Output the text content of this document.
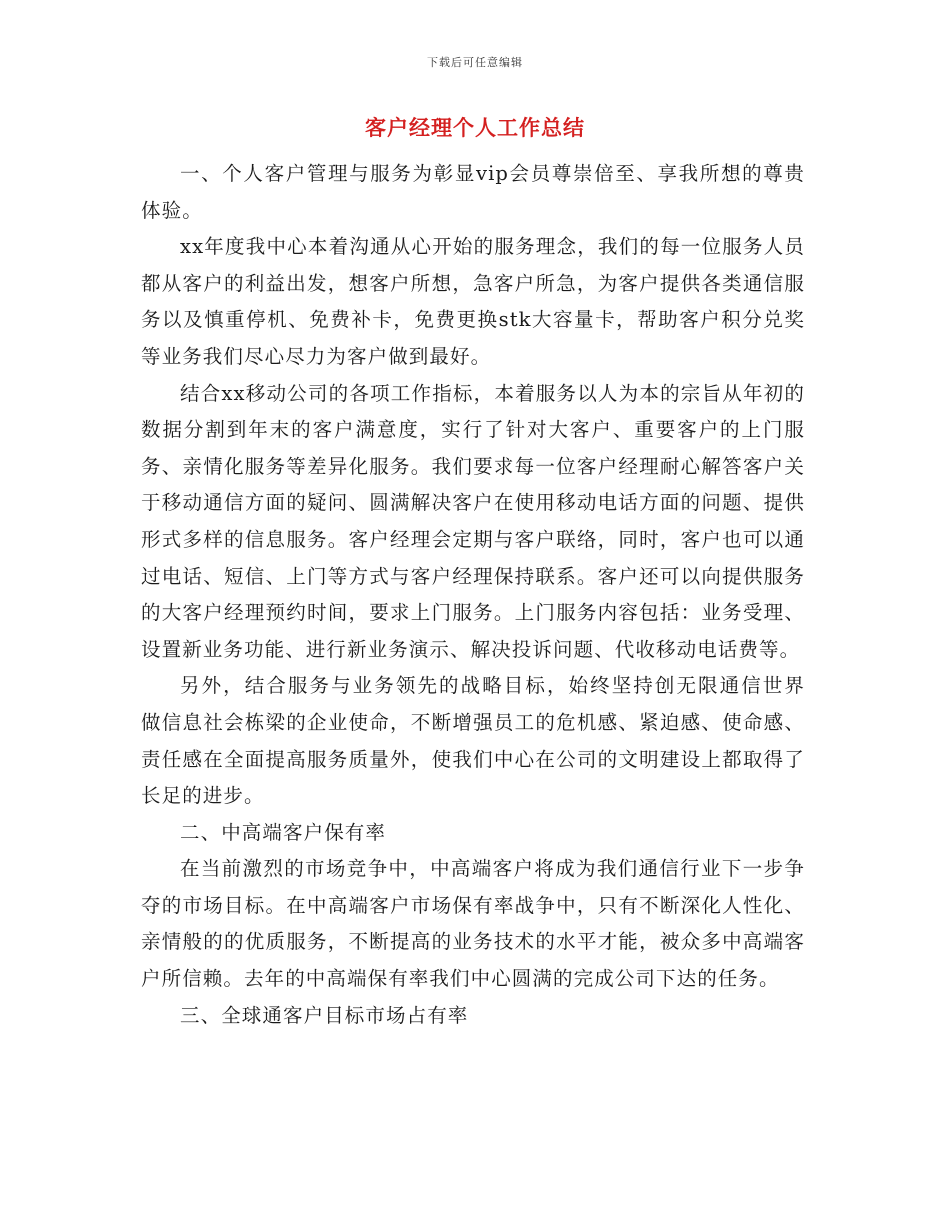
下载后可任意编辑
客户经理个人工作总结

一、个人客户管理与服务为彰显vip会员尊崇倍至、享我所想的尊贵体验。

xx年度我中心本着沟通从心开始的服务理念，我们的每一位服务人员都从客户的利益出发，想客户所想，急客户所急，为客户提供各类通信服务以及慎重停机、免费补卡，免费更换stk大容量卡，帮助客户积分兑奖等业务我们尽心尽力为客户做到最好。

结合xx移动公司的各项工作指标，本着服务以人为本的宗旨从年初的数据分割到年末的客户满意度，实行了针对大客户、重要客户的上门服务、亲情化服务等差异化服务。我们要求每一位客户经理耐心解答客户关于移动通信方面的疑问、圆满解决客户在使用移动电话方面的问题、提供形式多样的信息服务。客户经理会定期与客户联络，同时，客户也可以通过电话、短信、上门等方式与客户经理保持联系。客户还可以向提供服务的大客户经理预约时间，要求上门服务。上门服务内容包括：业务受理、设置新业务功能、进行新业务演示、解决投诉问题、代收移动电话费等。

另外，结合服务与业务领先的战略目标，始终坚持创无限通信世界 做信息社会栋梁的企业使命，不断增强员工的危机感、紧迫感、使命感、责任感在全面提高服务质量外，使我们中心在公司的文明建设上都取得了长足的进步。

二、中高端客户保有率

在当前激烈的市场竞争中，中高端客户将成为我们通信行业下一步争夺的市场目标。在中高端客户市场保有率战争中，只有不断深化人性化、亲情般的的优质服务，不断提高的业务技术的水平才能，被众多中高端客户所信赖。去年的中高端保有率我们中心圆满的完成公司下达的任务。

三、全球通客户目标市场占有率
